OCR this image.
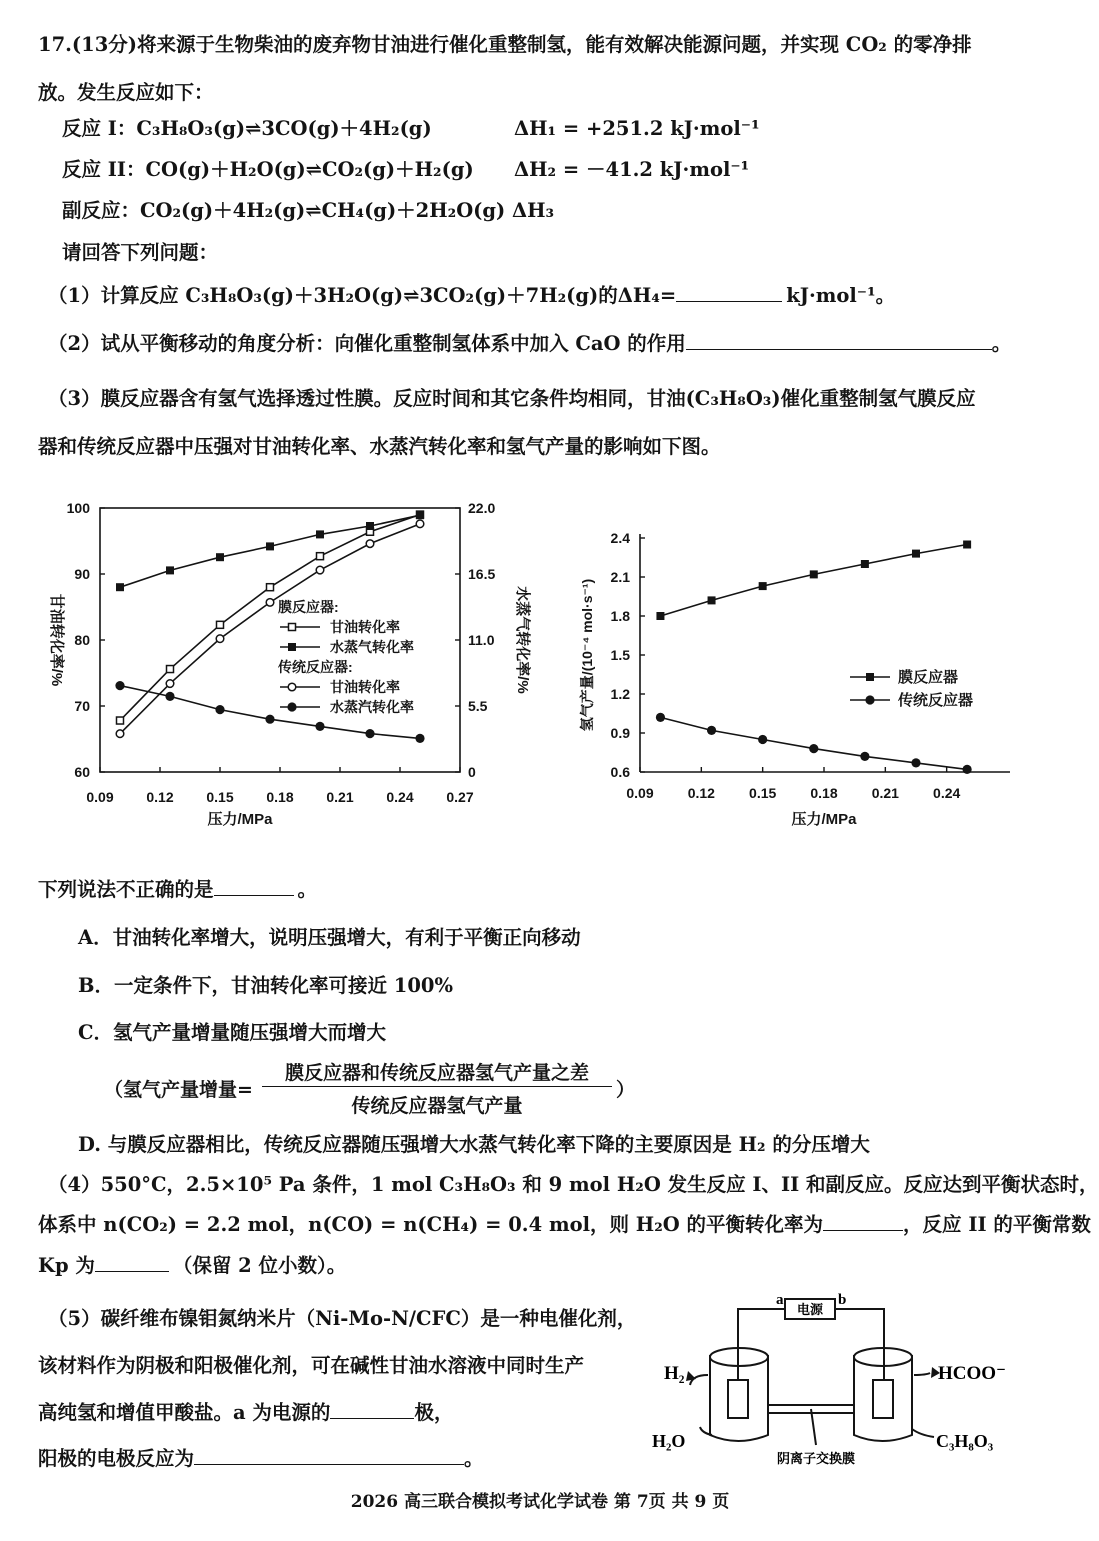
17.(13分)将来源于生物柴油的废弃物甘油进行催化重整制氢，能有效解决能源问题，并实现 CO₂ 的零净排
放。发生反应如下：
反应 I：C₃H₈O₃(g)⇌3CO(g)＋4H₂(g)	ΔH₁ = +251.2 kJ·mol⁻¹
反应 II：CO(g)＋H₂O(g)⇌CO₂(g)＋H₂(g) ΔH₂ = －41.2 kJ·mol⁻¹
副反应：CO₂(g)＋4H₂(g)⇌CH₄(g)＋2H₂O(g) ΔH₃
请回答下列问题：
（1）计算反应 C₃H₈O₃(g)＋3H₂O(g)⇌3CO₂(g)＋7H₂(g)的ΔH₄=	kJ·mol⁻¹。
（2）试从平衡移动的角度分析：向催化重整制氢体系中加入 CaO 的作用	。
（3）膜反应器含有氢气选择透过性膜。反应时间和其它条件均相同，甘油(C₃H₈O₃)催化重整制氢气膜反应
器和传统反应器中压强对甘油转化率、水蒸汽转化率和氢气产量的影响如下图。
0.09 0.12 0.15 0.18 0.21 0.24 0.27
60
70
80
90
100
0
5.5
11.0
16.5
22.0
压力/MPa
甘油转化率/%	水蒸气转化率/%
膜反应器:
传统反应器:
甘油转化率
水蒸气转化率
甘油转化率
水蒸汽转化率
0.09 0.12 0.15 0.18 0.21 0.24
0.6
0.9
1.2
1.5
1.8
2.1
2.4
压力/MPa
氢气产量/(10⁻⁴ mol·s⁻¹)	膜反应器
传统反应器
下列说法不正确的是	。
A．甘油转化率增大，说明压强增大，有利于平衡正向移动
B．一定条件下，甘油转化率可接近 100%
C．氢气产量增量随压强增大而增大
（氢气产量增量=
膜反应器和传统反应器氢气产量之差
传统反应器氢气产量
）
D. 与膜反应器相比，传统反应器随压强增大水蒸气转化率下降的主要原因是 H₂ 的分压增大
（4）550°C，2.5×10⁵ Pa 条件，1 mol C₃H₈O₃ 和 9 mol H₂O 发生反应 I、II 和副反应。反应达到平衡状态时，
体系中 n(CO₂) = 2.2 mol，n(CO) = n(CH₄) = 0.4 mol，则 H₂O 的平衡转化率为	，反应 II 的平衡常数
Kp 为	（保留 2 位小数）。
（5）碳纤维布镍钼氮纳米片（Ni-Mo-N/CFC）是一种电催化剂，
该材料作为阴极和阳极催化剂，可在碱性甘油水溶液中同时生产
高纯氢和增值甲酸盐。a 为电源的	极，
阳极的电极反应为	。
电源
a	b
H₂
H₂O
HCOO⁻
C₃H₈O₃
阴离子交换膜
2026 高三联合模拟考试化学试卷 第 7页 共 9 页
